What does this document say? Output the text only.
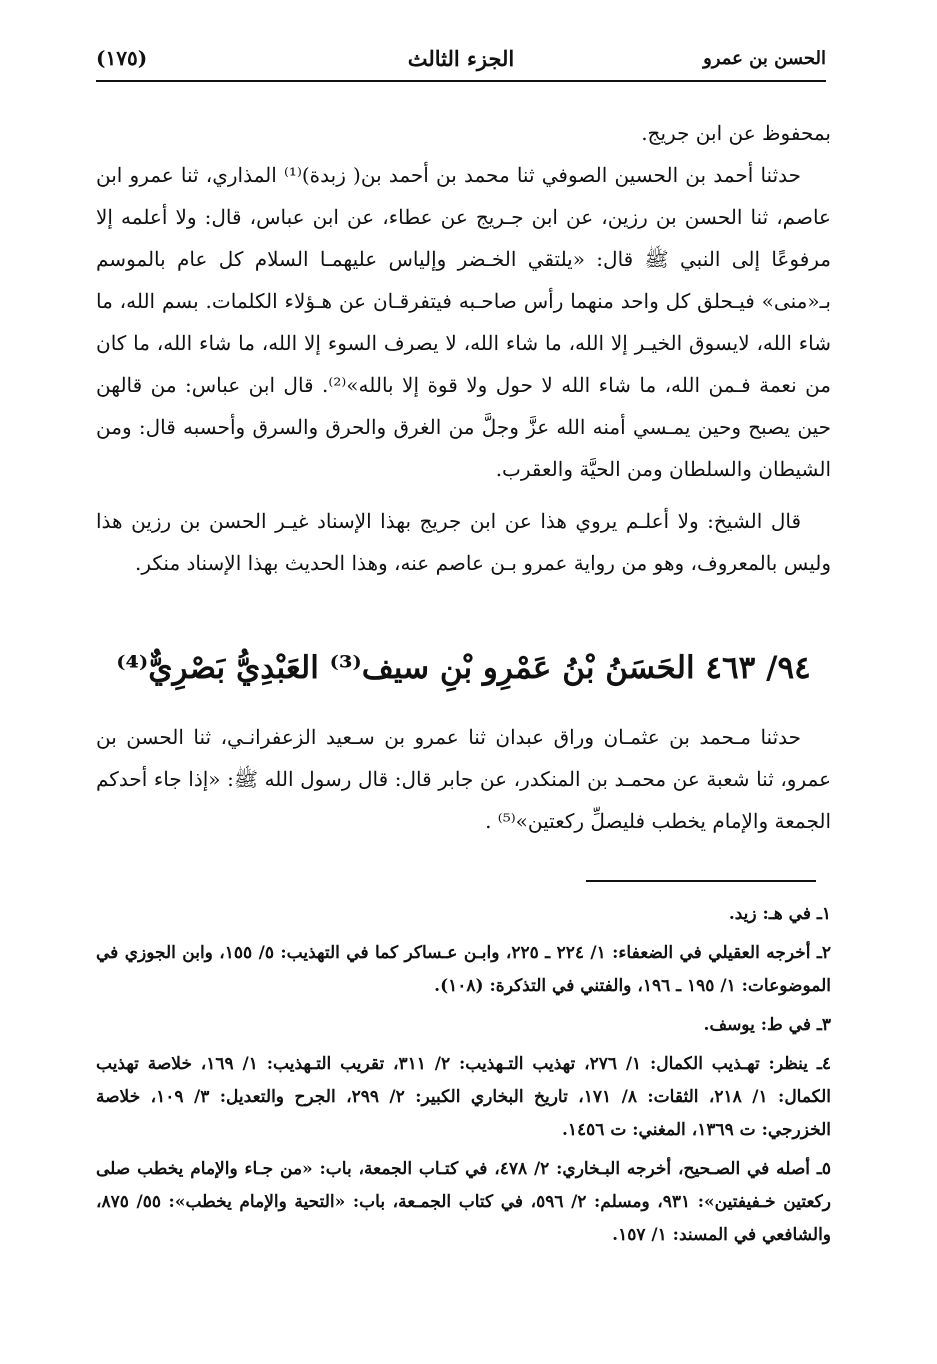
الحسن بن عمرو
الجزء الثالث
(١٧٥)

بمحفوظ عن ابن جريج.

حدثنا أحمد بن الحسين الصوفي ثنا محمد بن أحمد بن( زبدة)⁽¹⁾ المذاري، ثنا عمرو ابن عاصم، ثنا الحسن بن رزين، عن ابن جـريج عن عطاء، عن ابن عباس، قال: ولا أعلمه إلا مرفوعًا إلى النبي ﷺ قال: «يلتقي الخـضر وإلياس عليهمـا السلام كل عام بالموسم بـ«منى» فيـحلق كل واحد منهما رأس صاحـبه فيتفرقـان عن هـؤلاء الكلمات. بسم الله، ما شاء الله، لايسوق الخيـر إلا الله، ما شاء الله، لا يصرف السوء إلا الله، ما شاء الله، ما كان من نعمة فـمن الله، ما شاء الله لا حول ولا قوة إلا بالله»⁽²⁾. قال ابن عباس: من قالهن حين يصبح وحين يمـسي أمنه الله عزَّ وجلَّ من الغرق والحرق والسرق وأحسبه قال: ومن الشيطان والسلطان ومن الحيَّة والعقرب.

قال الشيخ: ولا أعلـم يروي هذا عن ابن جريج بهذا الإسناد غيـر الحسن بن رزين هذا وليس بالمعروف، وهو من رواية عمرو بـن عاصم عنه، وهذا الحديث بهذا الإسناد منكر.

٩٤/ ٤٦٣ الحَسَنُ بْنُ عَمْرِو بْنِ سيف⁽³⁾ العَبْدِيُّ بَصْرِيٌّ⁽⁴⁾

حدثنا مـحمد بن عثمـان وراق عبدان ثنا عمرو بن سـعيد الزعفرانـي، ثنا الحسن بن عمرو، ثنا شعبة عن محمـد بن المنكدر، عن جابر قال: قال رسول الله ﷺ: «إذا جاء أحدكم الجمعة والإمام يخطب فليصلِّ ركعتين»⁽⁵⁾ .

١ـ في هـ: زيد.

٢ـ أخرجه العقيلي في الضعفاء: ١/ ٢٢٤ ـ ٢٢٥، وابـن عـساكر كما في التهذيب: ٥/ ١٥٥، وابن الجوزي في الموضوعات: ١/ ١٩٥ ـ ١٩٦، والفتني في التذكرة: (١٠٨).

٣ـ في ط: يوسف.

٤ـ ينظر: تهـذيب الكمال: ١/ ٢٧٦، تهذيب التـهذيب: ٢/ ٣١١، تقريب التـهذيب: ١/ ١٦٩، خلاصة تهذيب الكمال: ١/ ٢١٨، الثقات: ٨/ ١٧١، تاريخ البخاري الكبير: ٢/ ٢٩٩، الجرح والتعديل: ٣/ ١٠٩، خلاصة الخزرجي: ت ١٣٦٩، المغني: ت ١٤٥٦.

٥ـ أصله في الصـحيح، أخرجه البـخاري: ٢/ ٤٧٨، في كتـاب الجمعة، باب: «من جـاء والإمام يخطب صلى ركعتين خـفيفتين»: ٩٣١، ومسلم: ٢/ ٥٩٦، في كتاب الجمـعة، باب: «التحية والإمام يخطب»: ٥٥/ ٨٧٥، والشافعي في المسند: ١/ ١٥٧.
